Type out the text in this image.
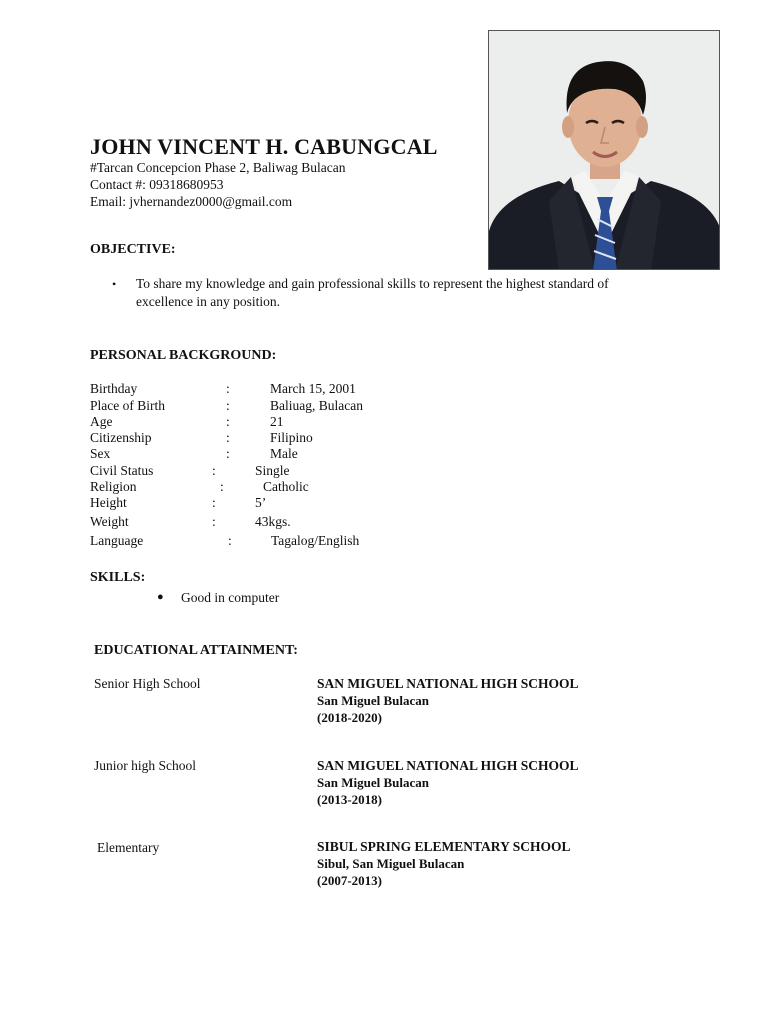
JOHN VINCENT H. CABUNGCAL
#Tarcan Concepcion Phase 2, Baliwag Bulacan
Contact #: 09318680953
Email: jvhernandez0000@gmail.com
OBJECTIVE:
• To share my knowledge and gain professional skills to represent the highest standard of
excellence in any position.
PERSONAL BACKGROUND:
Birthday	:	March 15, 2001
Place of Birth	:	Baliuag, Bulacan
Age	:	21
Citizenship	:	Filipino
Sex	:	Male
Civil Status	:	Single
Religion	:	Catholic
Height	:	5’
Weight	:	43kgs.
Language	:	Tagalog/English
SKILLS:
● Good in computer
EDUCATIONAL ATTAINMENT:
Senior High School	SAN MIGUEL NATIONAL HIGH SCHOOL
San Miguel Bulacan
(2018-2020)
Junior high School	SAN MIGUEL NATIONAL HIGH SCHOOL
San Miguel Bulacan
(2013-2018)
Elementary	SIBUL SPRING ELEMENTARY SCHOOL
Sibul, San Miguel Bulacan
(2007-2013)
